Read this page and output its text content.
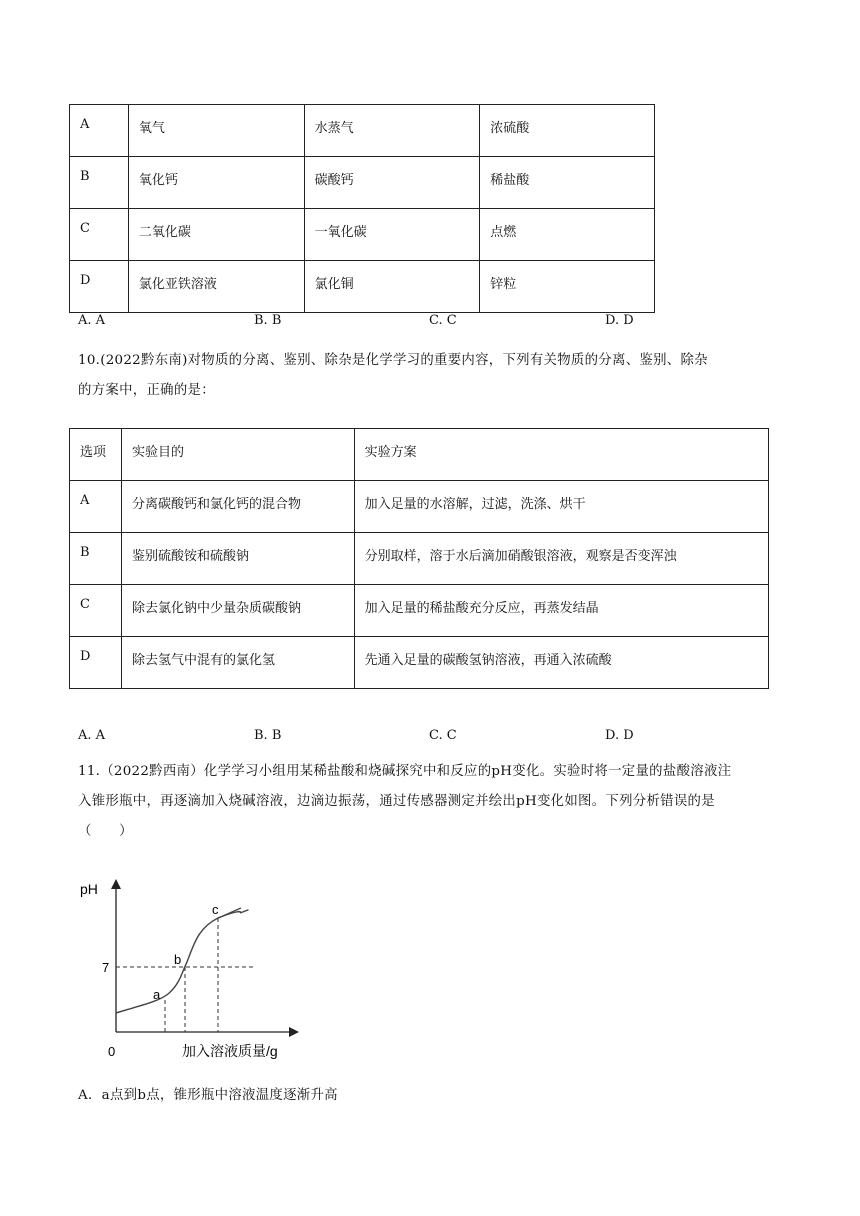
A	氧气	水蒸气	浓硫酸
B	氧化钙	碳酸钙	稀盐酸
C	二氧化碳	一氧化碳	点燃
D	氯化亚铁溶液	氯化铜	锌粒
A. A	B. B	C. C	D. D
10.(2022黔东南)对物质的分离、鉴别、除杂是化学学习的重要内容，下列有关物质的分离、鉴别、除杂
的方案中，正确的是：
选项	实验目的	实验方案
A	分离碳酸钙和氯化钙的混合物	加入足量的水溶解，过滤，洗涤、烘干
B	鉴别硫酸铵和硫酸钠	分别取样，溶于水后滴加硝酸银溶液，观察是否变浑浊
C	除去氯化钠中少量杂质碳酸钠	加入足量的稀盐酸充分反应，再蒸发结晶
D	除去氢气中混有的氯化氢	先通入足量的碳酸氢钠溶液，再通入浓硫酸
A. A	B. B	C. C	D. D
11.（2022黔西南）化学学习小组用某稀盐酸和烧碱探究中和反应的pH变化。实验时将一定量的盐酸溶液注
入锥形瓶中，再逐滴加入烧碱溶液，边滴边振荡，通过传感器测定并绘出pH变化如图。下列分析错误的是
（　　）
pH
7
0	加入溶液质量/g
a
b
c
A．a点到b点，锥形瓶中溶液温度逐渐升高
